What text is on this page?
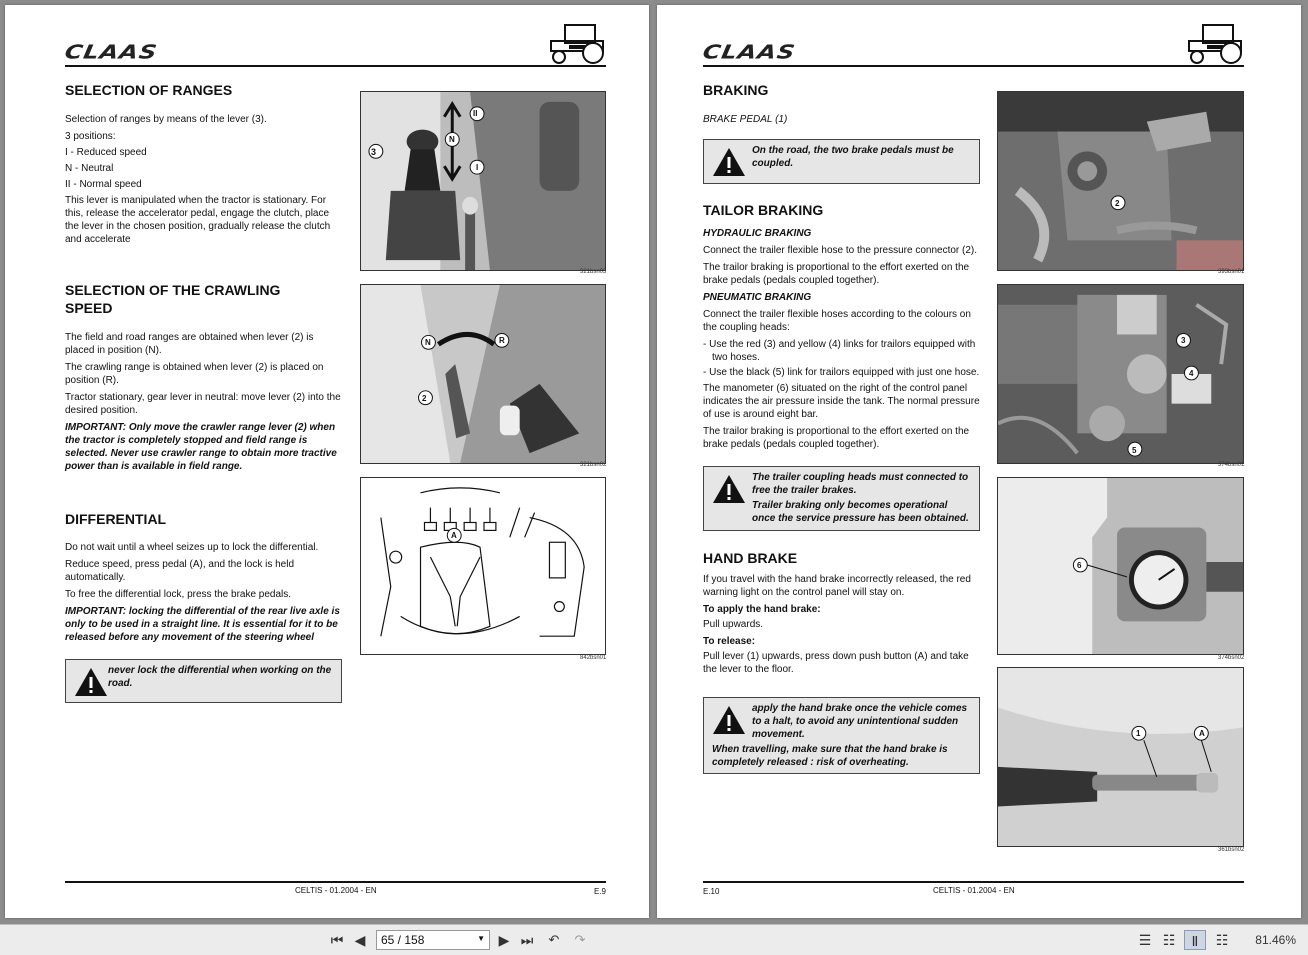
CLAAS
SELECTION OF RANGES

Selection of ranges by means of the lever (3).

3 positions:

I - Reduced speed

N - Neutral

II - Normal speed

This lever is manipulated when the tractor is stationary. For this, release the accelerator pedal, engage the clutch, place the lever in the chosen position, gradually release the clutch and accelerate

3
II
N
I
321bsn03
SELECTION OF THE CRAWLING
SPEED

The field and road ranges are obtained when lever (2) is placed in position (N).

The crawling range is obtained when lever (2) is placed on position (R).

Tractor stationary, gear lever in neutral: move lever (2) into the desired position.

IMPORTANT: Only move the crawler range lever (2) when the tractor is completely stopped and field range is selected. Never use crawler range to obtain more tractive power than is available in field range.

N	R
2
321bsn02
DIFFERENTIAL

Do not wait until a wheel seizes up to lock the differential.

Reduce speed, press pedal (A), and the lock is held automatically.

To free the differential lock, press the brake pedals.

IMPORTANT: locking the differential of the rear live axle is only to be used in a straight line. It is essential for it to be released before any movement of the steering wheel

never lock the differential when working on the road.
A
842bsn01
CELTIS - 01.2004 - EN	E.9
CLAAS
BRAKING

BRAKE PEDAL (1)

On the road, the two brake pedals must be coupled.
TAILOR BRAKING

HYDRAULIC BRAKING

Connect the trailer flexible hose to the pressure connector (2).

The trailor braking is proportional to the effort exerted on the brake pedals (pedals coupled together).

PNEUMATIC BRAKING

Connect the trailer flexible hoses according to the colours on the coupling heads:

- Use the red (3) and yellow (4) links for trailors equipped with two hoses.
- Use the black (5) link for trailors equipped with just one hose.

The manometer (6) situated on the right of the control panel indicates the air pressure inside the tank. The normal pressure of use is around eight bar.

The trailor braking is proportional to the effort exerted on the brake pedals (pedals coupled together).

The trailer coupling heads must connected to free the trailer brakes.
Trailer braking only becomes operational once the service pressure has been obtained.
HAND BRAKE

If you travel with the hand brake incorrectly released, the red warning light on the control panel will stay on.

To apply the hand brake:

Pull upwards.

To release:

Pull lever (1) upwards, press down push button (A) and take the lever to the floor.

apply the hand brake once the vehicle comes to a halt, to avoid any unintentional sudden movement.
When travelling, make sure that the hand brake is completely released : risk of overheating.
2
393bsn01
3
4
5
374bsn01
6
374bsn02
1	A
361bsn02
E.10	CELTIS - 01.2004 - EN
⏮ ◀	65 / 158	▼ ▶ ⏭	↶	↷	☰ ☷	Ⅱ	☷	81.46%
